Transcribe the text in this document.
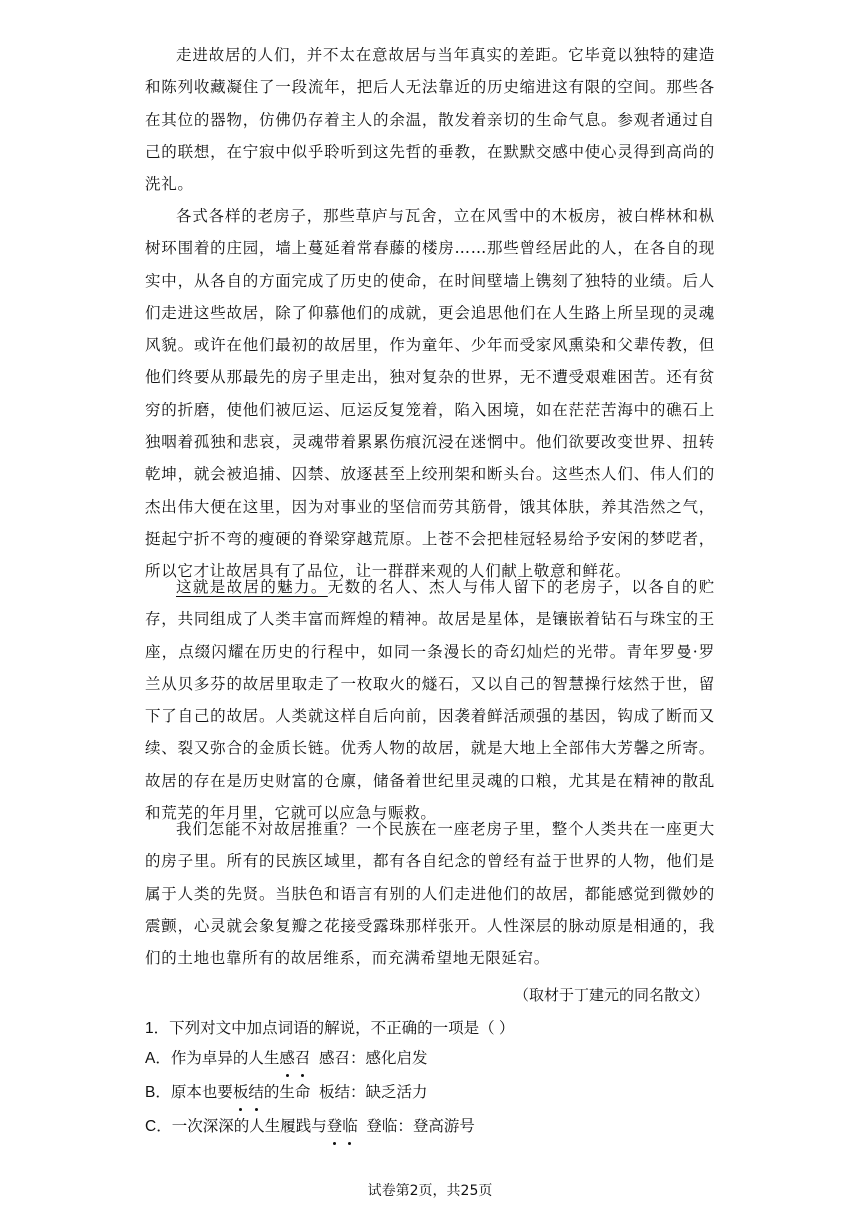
走进故居的人们，并不太在意故居与当年真实的差距。它毕竟以独特的建造和陈列收藏凝住了一段流年，把后人无法靠近的历史缩进这有限的空间。那些各在其位的器物，仿佛仍存着主人的余温，散发着亲切的生命气息。参观者通过自己的联想，在宁寂中似乎聆听到这先哲的垂教，在默默交感中使心灵得到高尚的洗礼。

各式各样的老房子，那些草庐与瓦舍，立在风雪中的木板房，被白桦林和枞树环围着的庄园，墙上蔓延着常春藤的楼房……那些曾经居此的人，在各自的现实中，从各自的方面完成了历史的使命，在时间壁墙上镌刻了独特的业绩。后人们走进这些故居，除了仰慕他们的成就，更会追思他们在人生路上所呈现的灵魂风貌。或许在他们最初的故居里，作为童年、少年而受家风熏染和父辈传教，但他们终要从那最先的房子里走出，独对复杂的世界，无不遭受艰难困苦。还有贫穷的折磨，使他们被厄运、厄运反复笼着，陷入困境，如在茫茫苦海中的礁石上独咽着孤独和悲哀，灵魂带着累累伤痕沉浸在迷惘中。他们欲要改变世界、扭转乾坤，就会被追捕、囚禁、放逐甚至上绞刑架和断头台。这些杰人们、伟人们的杰出伟大便在这里，因为对事业的坚信而劳其筋骨，饿其体肤，养其浩然之气，挺起宁折不弯的瘦硬的脊梁穿越荒原。上苍不会把桂冠轻易给予安闲的梦呓者，所以它才让故居具有了品位，让一群群来观的人们献上敬意和鲜花。

这就是故居的魅力。无数的名人、杰人与伟人留下的老房子，以各自的贮存，共同组成了人类丰富而辉煌的精神。故居是星体，是镶嵌着钻石与珠宝的王座，点缀闪耀在历史的行程中，如同一条漫长的奇幻灿烂的光带。青年罗曼·罗兰从贝多芬的故居里取走了一枚取火的燧石，又以自己的智慧操行炫然于世，留下了自己的故居。人类就这样自后向前，因袭着鲜活顽强的基因，钩成了断而又续、裂又弥合的金质长链。优秀人物的故居，就是大地上全部伟大芳馨之所寄。故居的存在是历史财富的仓廪，储备着世纪里灵魂的口粮，尤其是在精神的散乱和荒芜的年月里，它就可以应急与赈救。

我们怎能不对故居推重？一个民族在一座老房子里，整个人类共在一座更大的房子里。所有的民族区域里，都有各自纪念的曾经有益于世界的人物，他们是属于人类的先贤。当肤色和语言有别的人们走进他们的故居，都能感觉到微妙的震颤，心灵就会象复瓣之花接受露珠那样张开。人性深层的脉动原是相通的，我们的土地也靠所有的故居维系，而充满希望地无限延宕。

（取材于丁建元的同名散文）
1．下列对文中加点词语的解说，不正确的一项是（ ）
A．作为卓异的人生感召  感召：感化启发
B．原本也要板结的生命  板结：缺乏活力
C．一次深深的人生履践与登临  登临：登高游号
试卷第2页，共25页
